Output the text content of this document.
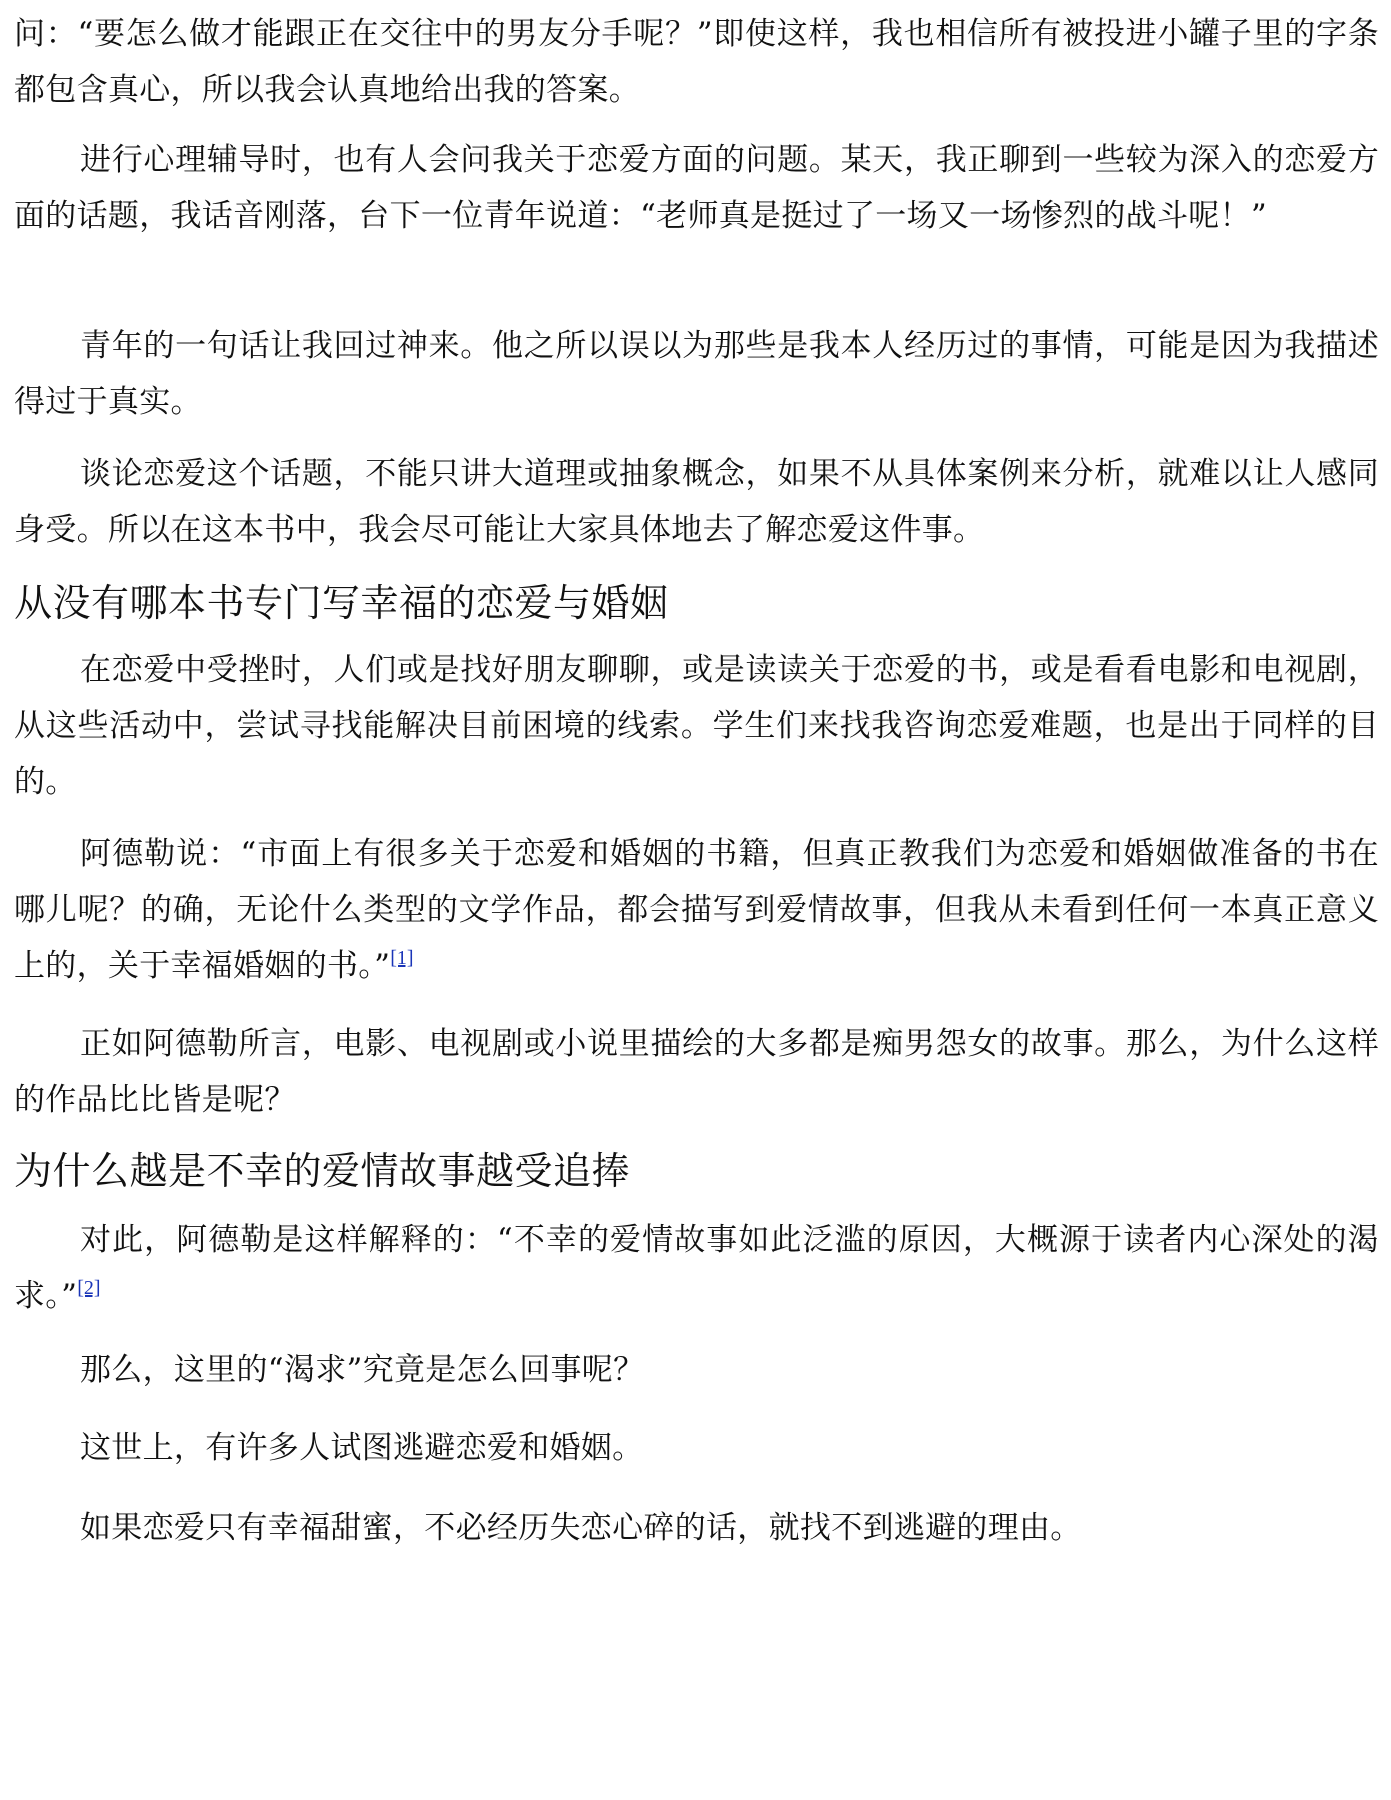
问：“要怎么做才能跟正在交往中的男友分手呢？”即使这样，我也相信所有被投进小罐子里的字条都包含真心，所以我会认真地给出我的答案。

进行心理辅导时，也有人会问我关于恋爱方面的问题。某天，我正聊到一些较为深入的恋爱方面的话题，我话音刚落，台下一位青年说道：“老师真是挺过了一场又一场惨烈的战斗呢！”

青年的一句话让我回过神来。他之所以误以为那些是我本人经历过的事情，可能是因为我描述得过于真实。

谈论恋爱这个话题，不能只讲大道理或抽象概念，如果不从具体案例来分析，就难以让人感同身受。所以在这本书中，我会尽可能让大家具体地去了解恋爱这件事。

从没有哪本书专门写幸福的恋爱与婚姻

在恋爱中受挫时，人们或是找好朋友聊聊，或是读读关于恋爱的书，或是看看电影和电视剧，从这些活动中，尝试寻找能解决目前困境的线索。学生们来找我咨询恋爱难题，也是出于同样的目的。

阿德勒说：“市面上有很多关于恋爱和婚姻的书籍，但真正教我们为恋爱和婚姻做准备的书在哪儿呢？的确，无论什么类型的文学作品，都会描写到爱情故事，但我从未看到任何一本真正意义上的，关于幸福婚姻的书。”[1]

正如阿德勒所言，电影、电视剧或小说里描绘的大多都是痴男怨女的故事。那么，为什么这样的作品比比皆是呢？

为什么越是不幸的爱情故事越受追捧

对此，阿德勒是这样解释的：“不幸的爱情故事如此泛滥的原因，大概源于读者内心深处的渴求。”[2]

那么，这里的“渴求”究竟是怎么回事呢？

这世上，有许多人试图逃避恋爱和婚姻。

如果恋爱只有幸福甜蜜，不必经历失恋心碎的话，就找不到逃避的理由。
